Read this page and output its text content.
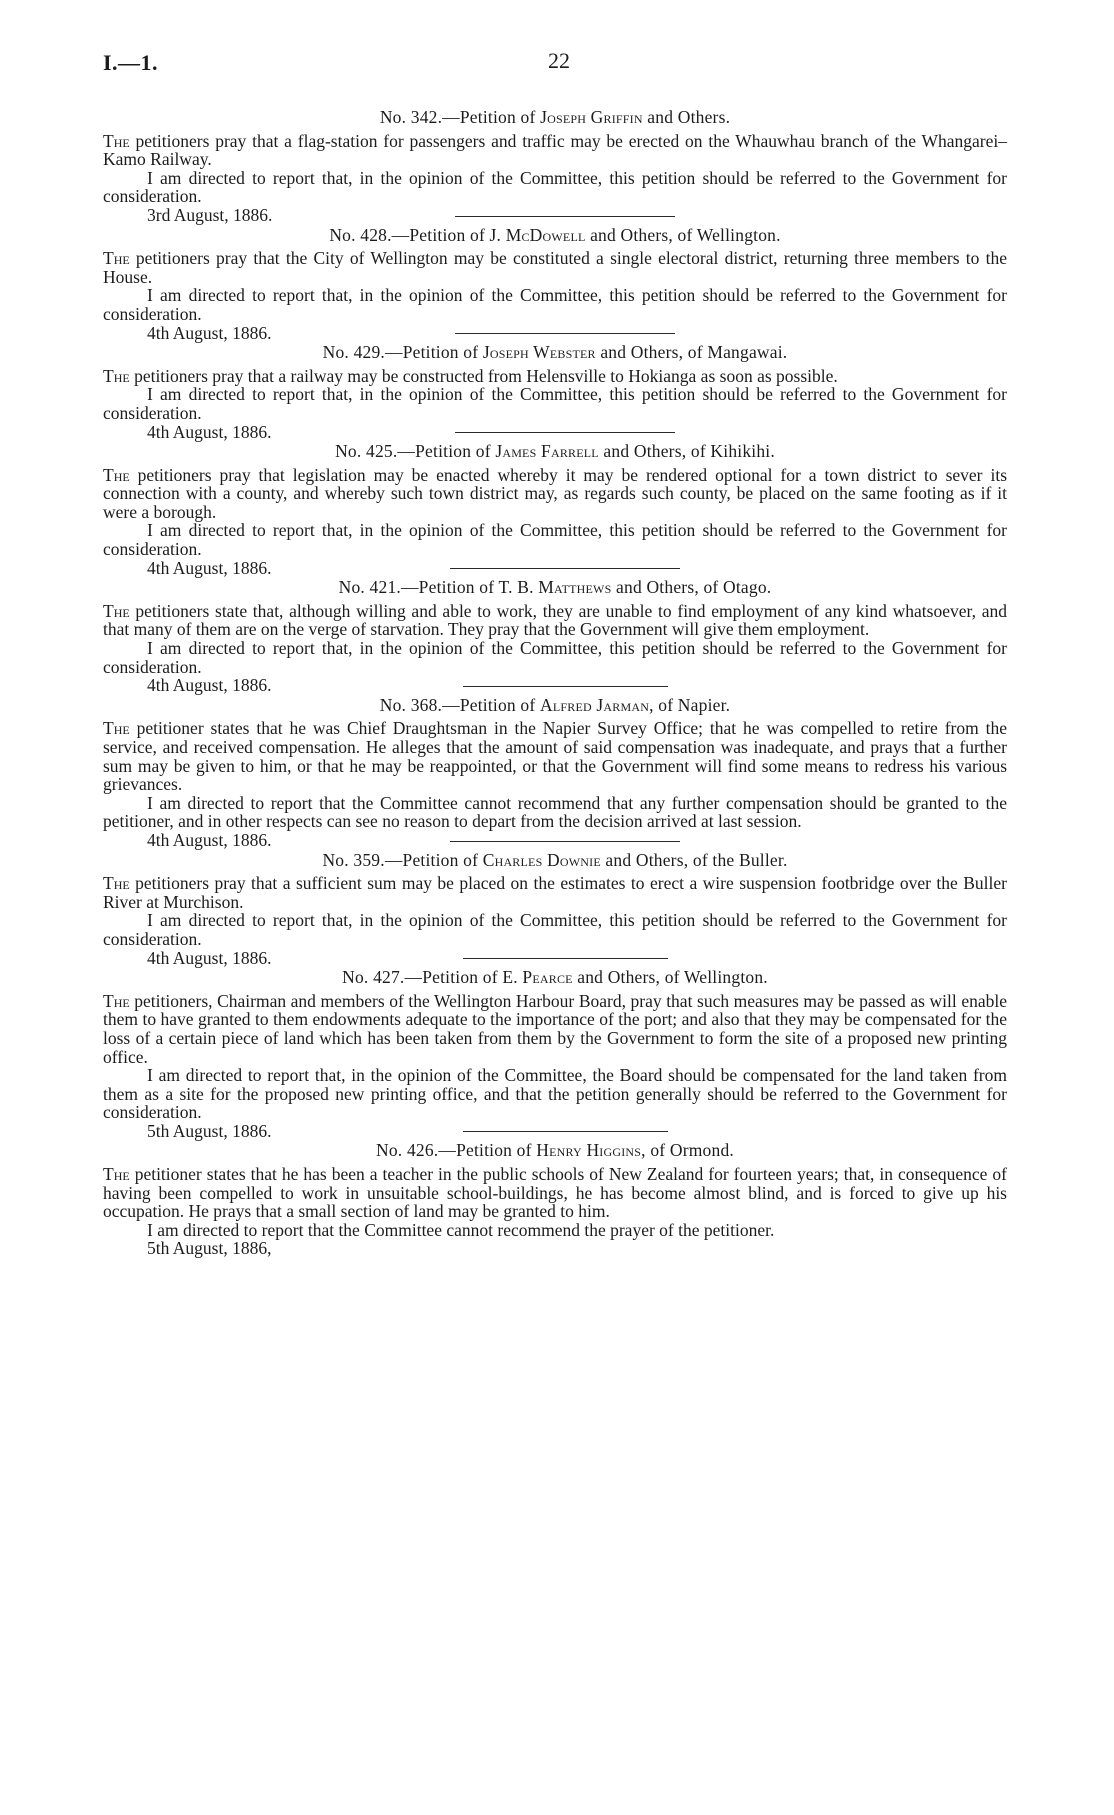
I.—1.	22

No. 342.—Petition of Joseph Griffin and Others.

The petitioners pray that a flag-station for passengers and traffic may be erected on the Whauwhau branch of the Whangarei–Kamo Railway.

I am directed to report that, in the opinion of the Committee, this petition should be referred to the Government for consideration.

3rd August, 1886.

No. 428.—Petition of J. McDowell and Others, of Wellington.

The petitioners pray that the City of Wellington may be constituted a single electoral district, returning three members to the House.

I am directed to report that, in the opinion of the Committee, this petition should be referred to the Government for consideration.

4th August, 1886.

No. 429.—Petition of Joseph Webster and Others, of Mangawai.

The petitioners pray that a railway may be constructed from Helensville to Hokianga as soon as possible.

I am directed to report that, in the opinion of the Committee, this petition should be referred to the Government for consideration.

4th August, 1886.

No. 425.—Petition of James Farrell and Others, of Kihikihi.

The petitioners pray that legislation may be enacted whereby it may be rendered optional for a town district to sever its connection with a county, and whereby such town district may, as regards such county, be placed on the same footing as if it were a borough.

I am directed to report that, in the opinion of the Committee, this petition should be referred to the Government for consideration.

4th August, 1886.

No. 421.—Petition of T. B. Matthews and Others, of Otago.

The petitioners state that, although willing and able to work, they are unable to find employment of any kind whatsoever, and that many of them are on the verge of starvation. They pray that the Government will give them employment.

I am directed to report that, in the opinion of the Committee, this petition should be referred to the Government for consideration.

4th August, 1886.

No. 368.—Petition of Alfred Jarman, of Napier.

The petitioner states that he was Chief Draughtsman in the Napier Survey Office; that he was compelled to retire from the service, and received compensation. He alleges that the amount of said compensation was inadequate, and prays that a further sum may be given to him, or that he may be reappointed, or that the Government will find some means to redress his various grievances.

I am directed to report that the Committee cannot recommend that any further compensation should be granted to the petitioner, and in other respects can see no reason to depart from the decision arrived at last session.

4th August, 1886.

No. 359.—Petition of Charles Downie and Others, of the Buller.

The petitioners pray that a sufficient sum may be placed on the estimates to erect a wire suspension footbridge over the Buller River at Murchison.

I am directed to report that, in the opinion of the Committee, this petition should be referred to the Government for consideration.

4th August, 1886.

No. 427.—Petition of E. Pearce and Others, of Wellington.

The petitioners, Chairman and members of the Wellington Harbour Board, pray that such measures may be passed as will enable them to have granted to them endowments adequate to the importance of the port; and also that they may be compensated for the loss of a certain piece of land which has been taken from them by the Government to form the site of a proposed new printing office.

I am directed to report that, in the opinion of the Committee, the Board should be compensated for the land taken from them as a site for the proposed new printing office, and that the petition generally should be referred to the Government for consideration.

5th August, 1886.

No. 426.—Petition of Henry Higgins, of Ormond.

The petitioner states that he has been a teacher in the public schools of New Zealand for fourteen years; that, in consequence of having been compelled to work in unsuitable school-buildings, he has become almost blind, and is forced to give up his occupation. He prays that a small section of land may be granted to him.

I am directed to report that the Committee cannot recommend the prayer of the petitioner.

5th August, 1886,
